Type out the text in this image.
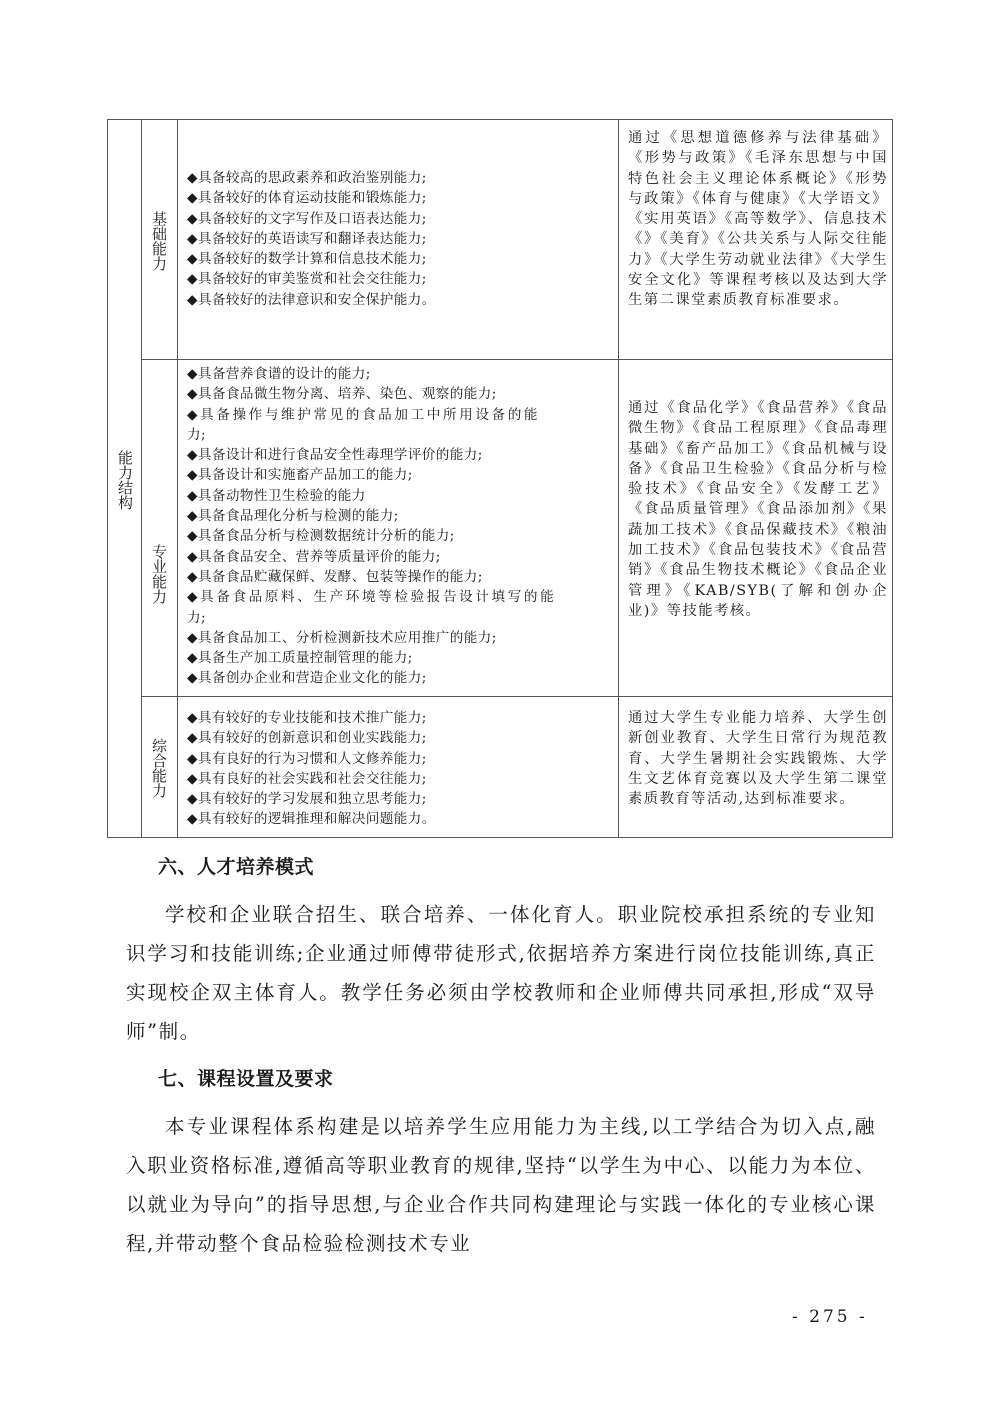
能力结构
基础能力
◆具备较高的思政素养和政治鉴别能力;
◆具备较好的体育运动技能和锻炼能力;
◆具备较好的文字写作及口语表达能力;
◆具备较好的英语读写和翻译表达能力;
◆具备较好的数学计算和信息技术能力;
◆具备较好的审美鉴赏和社会交往能力;
◆具备较好的法律意识和安全保护能力。
通过《思想道德修养与法律基础》《形势与政策》《毛泽东思想与中国特色社会主义理论体系概论》《形势与政策》《体育与健康》《大学语文》《实用英语》《高等数学》、信息技术《》《美育》《公共关系与人际交往能力》《大学生劳动就业法律》《大学生安全文化》等课程考核以及达到大学生第二课堂素质教育标准要求。
专业能力
◆具备营养食谱的设计的能力;
◆具备食品微生物分离、培养、染色、观察的能力;
◆具备操作与维护常见的食品加工中所用设备的能
力;
◆具备设计和进行食品安全性毒理学评价的能力;
◆具备设计和实施畜产品加工的能力;
◆具备动物性卫生检验的能力
◆具备食品理化分析与检测的能力;
◆具备食品分析与检测数据统计分析的能力;
◆具备食品安全、营养等质量评价的能力;
◆具备食品贮藏保鲜、发酵、包装等操作的能力;
◆具备食品原料、生产环境等检验报告设计填写的能
力;
◆具备食品加工、分析检测新技术应用推广的能力;
◆具备生产加工质量控制管理的能力;
◆具备创办企业和营造企业文化的能力;
通过《食品化学》《食品营养》《食品微生物》《食品工程原理》《食品毒理基础》《畜产品加工》《食品机械与设备》《食品卫生检验》《食品分析与检验技术》《食品安全》《发酵工艺》《食品质量管理》《食品添加剂》《果蔬加工技术》《食品保藏技术》《粮油加工技术》《食品包装技术》《食品营销》《食品生物技术概论》《食品企业管理》《KAB/SYB(了解和创办企业)》等技能考核。
综合能力
◆具有较好的专业技能和技术推广能力;
◆具有较好的创新意识和创业实践能力;
◆具有良好的行为习惯和人文修养能力;
◆具有良好的社会实践和社会交往能力;
◆具有较好的学习发展和独立思考能力;
◆具有较好的逻辑推理和解决问题能力。
通过大学生专业能力培养、大学生创新创业教育、大学生日常行为规范教育、大学生暑期社会实践锻炼、大学生文艺体育竞赛以及大学生第二课堂素质教育等活动,达到标准要求。
六、人才培养模式

学校和企业联合招生、联合培养、一体化育人。职业院校承担系统的专业知识学习和技能训练;企业通过师傅带徒形式,依据培养方案进行岗位技能训练,真正实现校企双主体育人。教学任务必须由学校教师和企业师傅共同承担,形成“双导师”制。

七、课程设置及要求

本专业课程体系构建是以培养学生应用能力为主线,以工学结合为切入点,融入职业资格标准,遵循高等职业教育的规律,坚持“以学生为中心、以能力为本位、以就业为导向”的指导思想,与企业合作共同构建理论与实践一体化的专业核心课程,并带动整个食品检验检测技术专业

- 275 -
